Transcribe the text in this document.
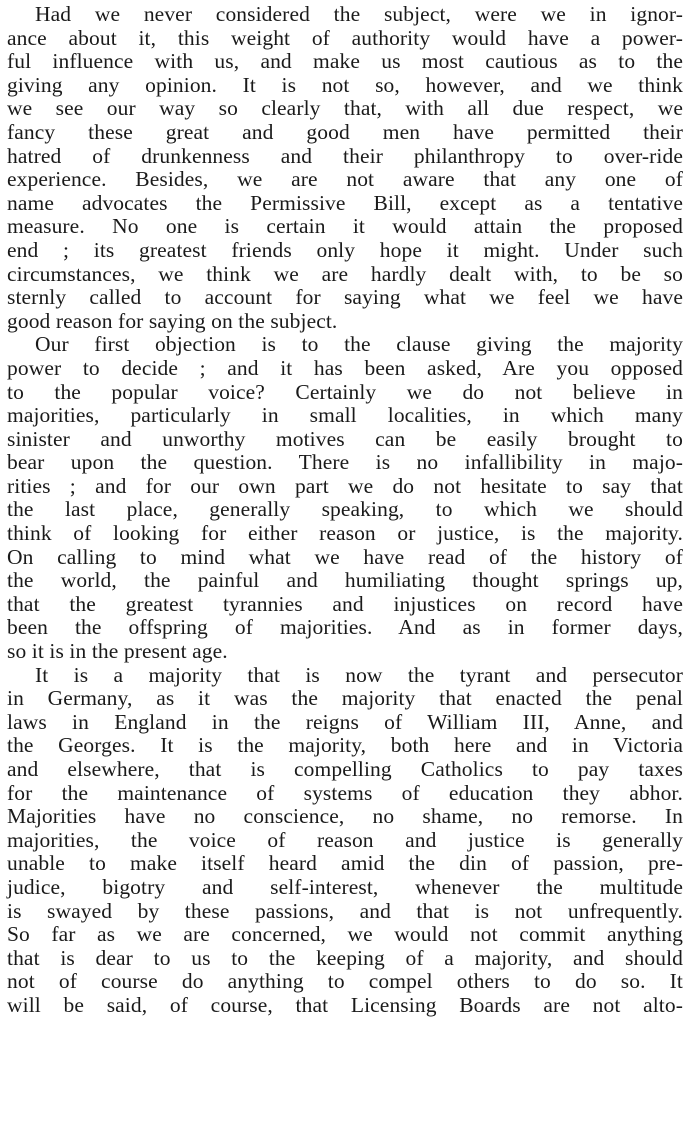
Had we never considered the subject, were we in ignor-
ance about it, this weight of authority would have a power-
ful influence with us, and make us most cautious as to the
giving any opinion. It is not so, however, and we think
we see our way so clearly that, with all due respect, we
fancy these great and good men have permitted their
hatred of drunkenness and their philanthropy to over-ride
experience. Besides, we are not aware that any one of
name advocates the Permissive Bill, except as a tentative
measure. No one is certain it would attain the proposed
end ; its greatest friends only hope it might. Under such
circumstances, we think we are hardly dealt with, to be so
sternly called to account for saying what we feel we have
good reason for saying on the subject.
Our first objection is to the clause giving the majority
power to decide ; and it has been asked, Are you opposed
to the popular voice? Certainly we do not believe in
majorities, particularly in small localities, in which many
sinister and unworthy motives can be easily brought to
bear upon the question. There is no infallibility in majo-
rities ; and for our own part we do not hesitate to say that
the last place, generally speaking, to which we should
think of looking for either reason or justice, is the majority.
On calling to mind what we have read of the history of
the world, the painful and humiliating thought springs up,
that the greatest tyrannies and injustices on record have
been the offspring of majorities. And as in former days,
so it is in the present age.
It is a majority that is now the tyrant and persecutor
in Germany, as it was the majority that enacted the penal
laws in England in the reigns of William III, Anne, and
the Georges. It is the majority, both here and in Victoria
and elsewhere, that is compelling Catholics to pay taxes
for the maintenance of systems of education they abhor.
Majorities have no conscience, no shame, no remorse. In
majorities, the voice of reason and justice is generally
unable to make itself heard amid the din of passion, pre-
judice, bigotry and self-interest, whenever the multitude
is swayed by these passions, and that is not unfrequently.
So far as we are concerned, we would not commit anything
that is dear to us to the keeping of a majority, and should
not of course do anything to compel others to do so. It
will be said, of course, that Licensing Boards are not alto-
